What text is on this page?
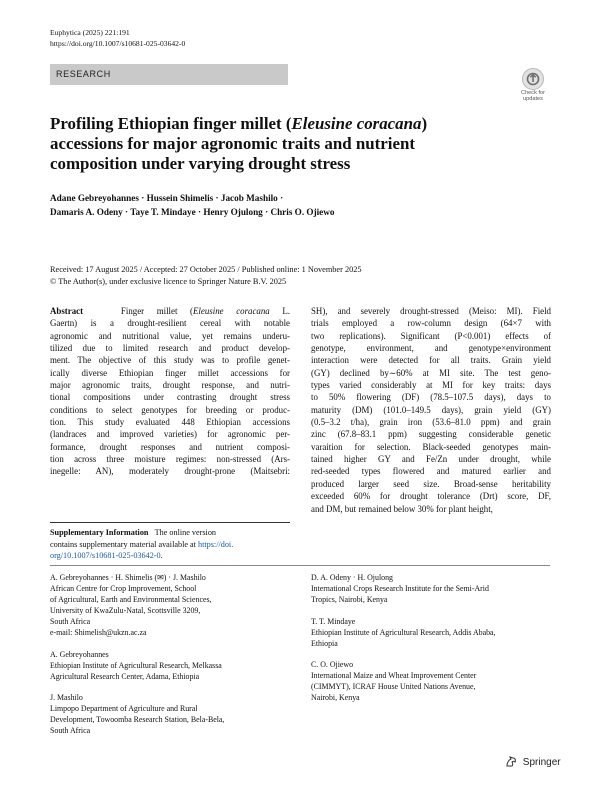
Euphytica (2025) 221:191
https://doi.org/10.1007/s10681-025-03642-0
RESEARCH
Check for
updates
Profiling Ethiopian finger millet (Eleusine coracana)
accessions for major agronomic traits and nutrient
composition under varying drought stress
Adane Gebreyohannes · Hussein Shimelis · Jacob Mashilo ·
Damaris A. Odeny · Taye T. Mindaye · Henry Ojulong · Chris O. Ojiewo
Received: 17 August 2025 / Accepted: 27 October 2025 / Published online: 1 November 2025
© The Author(s), under exclusive licence to Springer Nature B.V. 2025
Abstract	Finger millet (Eleusine coracana L.
Gaertn) is a drought-resilient cereal with notable
agronomic and nutritional value, yet remains underu-
tilized due to limited research and product develop-
ment. The objective of this study was to profile genet-
ically diverse Ethiopian finger millet accessions for
major agronomic traits, drought response, and nutri-
tional compositions under contrasting drought stress
conditions to select genotypes for breeding or produc-
tion. This study evaluated 448 Ethiopian accessions
(landraces and improved varieties) for agronomic per-
formance, drought responses and nutrient composi-
tion across three moisture regimes: non-stressed (Ars-
inegelle: AN), moderately drought-prone (Maitsebri:
SH), and severely drought-stressed (Meiso: MI). Field
trials employed a row-column design (64×7 with
two replications). Significant (P<0.001) effects of
genotype, environment, and genotype×environment
interaction were detected for all traits. Grain yield
(GY) declined by∼60% at MI site. The test geno-
types varied considerably at MI for key traits: days
to 50% flowering (DF) (78.5–107.5 days), days to
maturity (DM) (101.0–149.5 days), grain yield (GY)
(0.5–3.2 t/ha), grain iron (53.6–81.0 ppm) and grain
zinc (67.8–83.1 ppm) suggesting considerable genetic
varaition for selection. Black-seeded genotypes main-
tained higher GY and Fe/Zn under drought, while
red-seeded types flowered and matured earlier and
produced larger seed size. Broad-sense heritability
exceeded 60% for drought tolerance (Drt) score, DF,
and DM, but remained below 30% for plant height,
Supplementary Information The online version
contains supplementary material available at https://doi.
org/10.1007/s10681-025-03642-0.

A. Gebreyohannes · H. Shimelis (✉) · J. Mashilo
African Centre for Crop Improvement, School
of Agricultural, Earth and Environmental Sciences,
University of KwaZulu-Natal, Scottsville 3209,
South Africa
e-mail: Shimelish@ukzn.ac.za

A. Gebreyohannes
Ethiopian Institute of Agricultural Research, Melkassa
Agricultural Research Center, Adama, Ethiopia

J. Mashilo
Limpopo Department of Agriculture and Rural
Development, Towoomba Research Station, Bela-Bela,
South Africa

D. A. Odeny · H. Ojulong
International Crops Research Institute for the Semi-Arid
Tropics, Nairobi, Kenya

T. T. Mindaye
Ethiopian Institute of Agricultural Research, Addis Ababa,
Ethiopia

C. O. Ojiewo
International Maize and Wheat Improvement Center
(CIMMYT), ICRAF House United Nations Avenue,
Nairobi, Kenya

Springer
